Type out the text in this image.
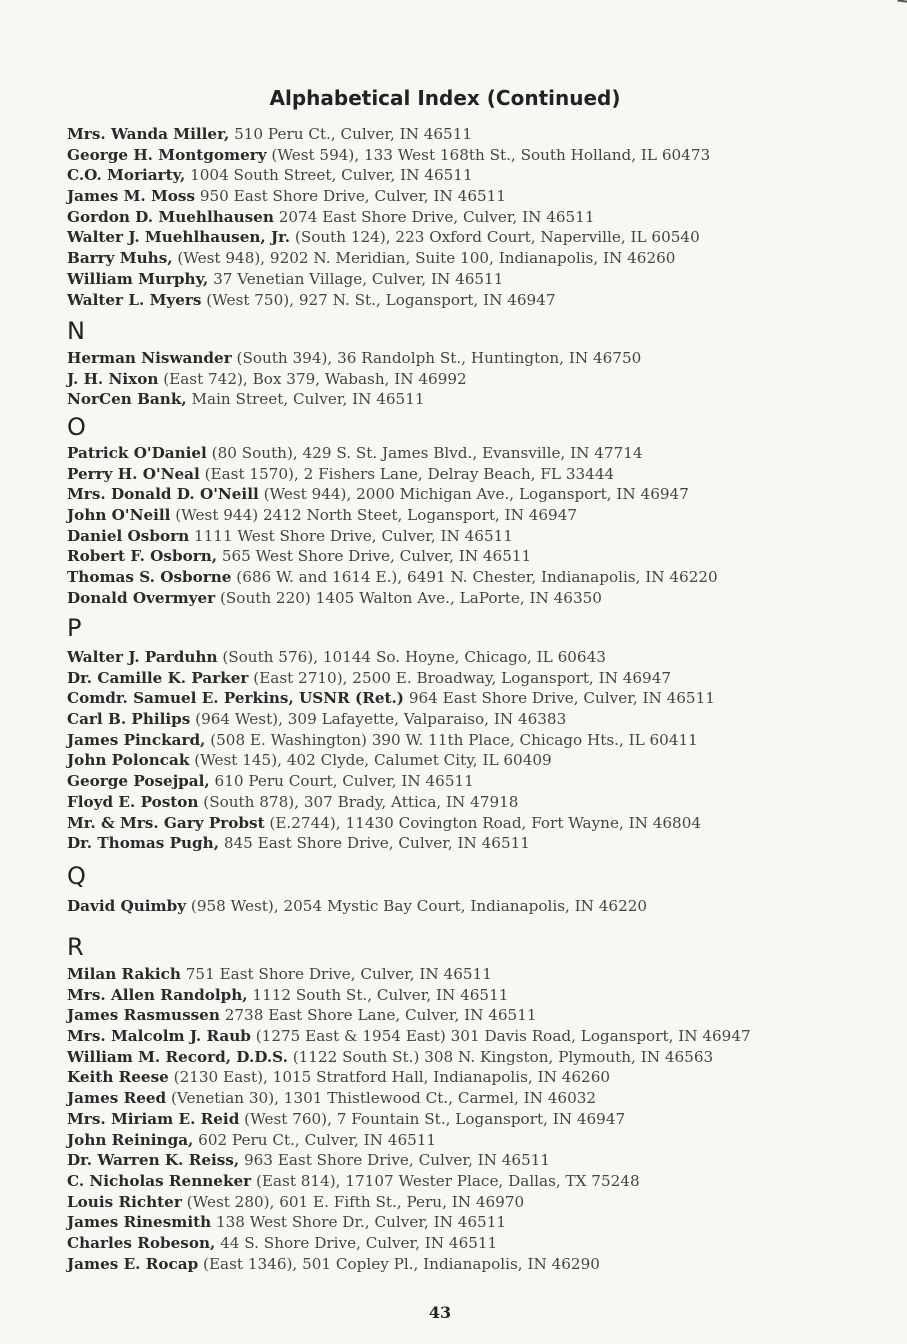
Alphabetical Index (Continued)
Mrs. Wanda Miller, 510 Peru Ct., Culver, IN 46511
George H. Montgomery (West 594), 133 West 168th St., South Holland, IL 60473
C.O. Moriarty, 1004 South Street, Culver, IN 46511
James M. Moss 950 East Shore Drive, Culver, IN 46511
Gordon D. Muehlhausen 2074 East Shore Drive, Culver, IN 46511
Walter J. Muehlhausen, Jr. (South 124), 223 Oxford Court, Naperville, IL 60540
Barry Muhs, (West 948), 9202 N. Meridian, Suite 100, Indianapolis, IN 46260
William Murphy, 37 Venetian Village, Culver, IN 46511
Walter L. Myers (West 750), 927 N. St., Logansport, IN 46947
N
Herman Niswander (South 394), 36 Randolph St., Huntington, IN 46750
J. H. Nixon (East 742), Box 379, Wabash, IN 46992
NorCen Bank, Main Street, Culver, IN 46511
O
Patrick O'Daniel (80 South), 429 S. St. James Blvd., Evansville, IN 47714
Perry H. O'Neal (East 1570), 2 Fishers Lane, Delray Beach, FL 33444
Mrs. Donald D. O'Neill (West 944), 2000 Michigan Ave., Logansport, IN 46947
John O'Neill (West 944) 2412 North Steet, Logansport, IN 46947
Daniel Osborn 1111 West Shore Drive, Culver, IN 46511
Robert F. Osborn, 565 West Shore Drive, Culver, IN 46511
Thomas S. Osborne (686 W. and 1614 E.), 6491 N. Chester, Indianapolis, IN 46220
Donald Overmyer (South 220) 1405 Walton Ave., LaPorte, IN 46350
P
Walter J. Parduhn (South 576), 10144 So. Hoyne, Chicago, IL 60643
Dr. Camille K. Parker (East 2710), 2500 E. Broadway, Logansport, IN 46947
Comdr. Samuel E. Perkins, USNR (Ret.) 964 East Shore Drive, Culver, IN 46511
Carl B. Philips (964 West), 309 Lafayette, Valparaiso, IN 46383
James Pinckard, (508 E. Washington) 390 W. 11th Place, Chicago Hts., IL 60411
John Poloncak (West 145), 402 Clyde, Calumet City, IL 60409
George Posejpal, 610 Peru Court, Culver, IN 46511
Floyd E. Poston (South 878), 307 Brady, Attica, IN 47918
Mr. & Mrs. Gary Probst (E.2744), 11430 Covington Road, Fort Wayne, IN 46804
Dr. Thomas Pugh, 845 East Shore Drive, Culver, IN 46511
Q
David Quimby (958 West), 2054 Mystic Bay Court, Indianapolis, IN 46220
R
Milan Rakich 751 East Shore Drive, Culver, IN 46511
Mrs. Allen Randolph, 1112 South St., Culver, IN 46511
James Rasmussen 2738 East Shore Lane, Culver, IN 46511
Mrs. Malcolm J. Raub (1275 East & 1954 East) 301 Davis Road, Logansport, IN 46947
William M. Record, D.D.S. (1122 South St.) 308 N. Kingston, Plymouth, IN 46563
Keith Reese (2130 East), 1015 Stratford Hall, Indianapolis, IN 46260
James Reed (Venetian 30), 1301 Thistlewood Ct., Carmel, IN 46032
Mrs. Miriam E. Reid (West 760), 7 Fountain St., Logansport, IN 46947
John Reininga, 602 Peru Ct., Culver, IN 46511
Dr. Warren K. Reiss, 963 East Shore Drive, Culver, IN 46511
C. Nicholas Renneker (East 814), 17107 Wester Place, Dallas, TX 75248
Louis Richter (West 280), 601 E. Fifth St., Peru, IN 46970
James Rinesmith 138 West Shore Dr., Culver, IN 46511
Charles Robeson, 44 S. Shore Drive, Culver, IN 46511
James E. Rocap (East 1346), 501 Copley Pl., Indianapolis, IN 46290
43
